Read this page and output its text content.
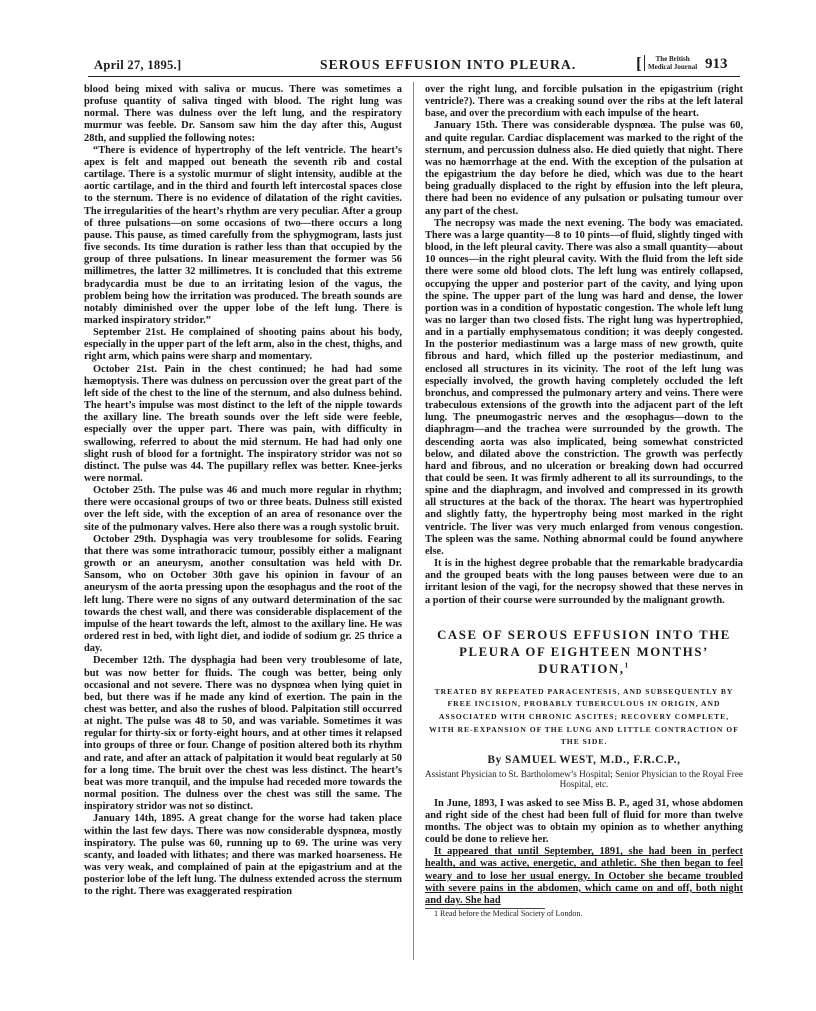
April 27, 1895.]	SEROUS EFFUSION INTO PLEURA.	The British
Medical Journal 913
[

blood being mixed with saliva or mucus. There was sometimes a profuse quantity of saliva tinged with blood. The right lung was normal. There was dulness over the left lung, and the respiratory murmur was feeble. Dr. Sansom saw him the day after this, August 28th, and supplied the following notes:

“There is evidence of hypertrophy of the left ventricle. The heart’s apex is felt and mapped out beneath the seventh rib and costal cartilage. There is a systolic murmur of slight intensity, audible at the aortic cartilage, and in the third and fourth left intercostal spaces close to the sternum. There is no evidence of dilatation of the right cavities. The irregularities of the heart’s rhythm are very peculiar. After a group of three pulsations—on some occasions of two—there occurs a long pause. This pause, as timed carefully from the sphygmogram, lasts just five seconds. Its time duration is rather less than that occupied by the group of three pulsations. In linear measurement the former was 56 millimetres, the latter 32 millimetres. It is concluded that this extreme bradycardia must be due to an irritating lesion of the vagus, the problem being how the irritation was produced. The breath sounds are notably diminished over the upper lobe of the left lung. There is marked inspiratory stridor.”

September 21st. He complained of shooting pains about his body, especially in the upper part of the left arm, also in the chest, thighs, and right arm, which pains were sharp and momentary.

October 21st. Pain in the chest continued; he had had some hæmoptysis. There was dulness on percussion over the great part of the left side of the chest to the line of the sternum, and also dulness behind. The heart’s impulse was most distinct to the left of the nipple towards the axillary line. The breath sounds over the left side were feeble, especially over the upper part. There was pain, with difficulty in swallowing, referred to about the mid sternum. He had had only one slight rush of blood for a fortnight. The inspiratory stridor was not so distinct. The pulse was 44. The pupillary reflex was better. Knee-jerks were normal.

October 25th. The pulse was 46 and much more regular in rhythm; there were occasional groups of two or three beats. Dulness still existed over the left side, with the exception of an area of resonance over the site of the pulmonary valves. Here also there was a rough systolic bruit.

October 29th. Dysphagia was very troublesome for solids. Fearing that there was some intrathoracic tumour, possibly either a malignant growth or an aneurysm, another consultation was held with Dr. Sansom, who on October 30th gave his opinion in favour of an aneurysm of the aorta pressing upon the œsophagus and the root of the left lung. There were no signs of any outward determination of the sac towards the chest wall, and there was considerable displacement of the impulse of the heart towards the left, almost to the axillary line. He was ordered rest in bed, with light diet, and iodide of sodium gr. 25 thrice a day.

December 12th. The dysphagia had been very troublesome of late, but was now better for fluids. The cough was better, being only occasional and not severe. There was no dyspnœa when lying quiet in bed, but there was if he made any kind of exertion. The pain in the chest was better, and also the rushes of blood. Palpitation still occurred at night. The pulse was 48 to 50, and was variable. Sometimes it was regular for thirty-six or forty-eight hours, and at other times it relapsed into groups of three or four. Change of position altered both its rhythm and rate, and after an attack of palpitation it would beat regularly at 50 for a long time. The bruit over the chest was less distinct. The heart’s beat was more tranquil, and the impulse had receded more towards the normal position. The dulness over the chest was still the same. The inspiratory stridor was not so distinct.

January 14th, 1895. A great change for the worse had taken place within the last few days. There was now considerable dyspnœa, mostly inspiratory. The pulse was 60, running up to 69. The urine was very scanty, and loaded with lithates; and there was marked hoarseness. He was very weak, and complained of pain at the epigastrium and at the posterior lobe of the left lung. The dulness extended across the sternum to the right. There was exaggerated respiration

over the right lung, and forcible pulsation in the epigastrium (right ventricle?). There was a creaking sound over the ribs at the left lateral base, and over the precordium with each impulse of the heart.

January 15th. There was considerable dyspnœa. The pulse was 60, and quite regular. Cardiac displacement was marked to the right of the sternum, and percussion dulness also. He died quietly that night. There was no hæmorrhage at the end. With the exception of the pulsation at the epigastrium the day before he died, which was due to the heart being gradually displaced to the right by effusion into the left pleura, there had been no evidence of any pulsation or pulsating tumour over any part of the chest.

The necropsy was made the next evening. The body was emaciated. There was a large quantity—8 to 10 pints—of fluid, slightly tinged with blood, in the left pleural cavity. There was also a small quantity—about 10 ounces—in the right pleural cavity. With the fluid from the left side there were some old blood clots. The left lung was entirely collapsed, occupying the upper and posterior part of the cavity, and lying upon the spine. The upper part of the lung was hard and dense, the lower portion was in a condition of hypostatic congestion. The whole left lung was no larger than two closed fists. The right lung was hypertrophied, and in a partially emphysematous condition; it was deeply congested. In the posterior mediastinum was a large mass of new growth, quite fibrous and hard, which filled up the posterior mediastinum, and enclosed all structures in its vicinity. The root of the left lung was especially involved, the growth having completely occluded the left bronchus, and compressed the pulmonary artery and veins. There were trabeculous extensions of the growth into the adjacent part of the left lung. The pneumogastric nerves and the œsophagus—down to the diaphragm—and the trachea were surrounded by the growth. The descending aorta was also implicated, being somewhat constricted below, and dilated above the constriction. The growth was perfectly hard and fibrous, and no ulceration or breaking down had occurred that could be seen. It was firmly adherent to all its surroundings, to the spine and the diaphragm, and involved and compressed in its growth all structures at the back of the thorax. The heart was hypertrophied and slightly fatty, the hypertrophy being most marked in the right ventricle. The liver was very much enlarged from venous congestion. The spleen was the same. Nothing abnormal could be found anywhere else.

It is in the highest degree probable that the remarkable bradycardia and the grouped beats with the long pauses between were due to an irritant lesion of the vagi, for the necropsy showed that these nerves in a portion of their course were surrounded by the malignant growth.

CASE OF SEROUS EFFUSION INTO THE PLEURA OF EIGHTEEN MONTHS’ DURATION,$^1$
TREATED BY REPEATED PARACENTESIS, AND SUBSEQUENTLY BY FREE INCISION, PROBABLY TUBERCULOUS IN ORIGIN, AND ASSOCIATED WITH CHRONIC ASCITES; RECOVERY COMPLETE, WITH RE-EXPANSION OF THE LUNG AND LITTLE CONTRACTION OF THE SIDE.
By SAMUEL WEST, M.D., F.R.C.P.,
Assistant Physician to St. Bartholomew’s Hospital; Senior Physician to the Royal Free Hospital, etc.

In June, 1893, I was asked to see Miss B. P., aged 31, whose abdomen and right side of the chest had been full of fluid for more than twelve months. The object was to obtain my opinion as to whether anything could be done to relieve her.

It appeared that until September, 1891, she had been in perfect health, and was active, energetic, and athletic. She then began to feel weary and to lose her usual energy. In October she became troubled with severe pains in the abdomen, which came on and off, both night and day. She had

1 Read before the Medical Society of London.
